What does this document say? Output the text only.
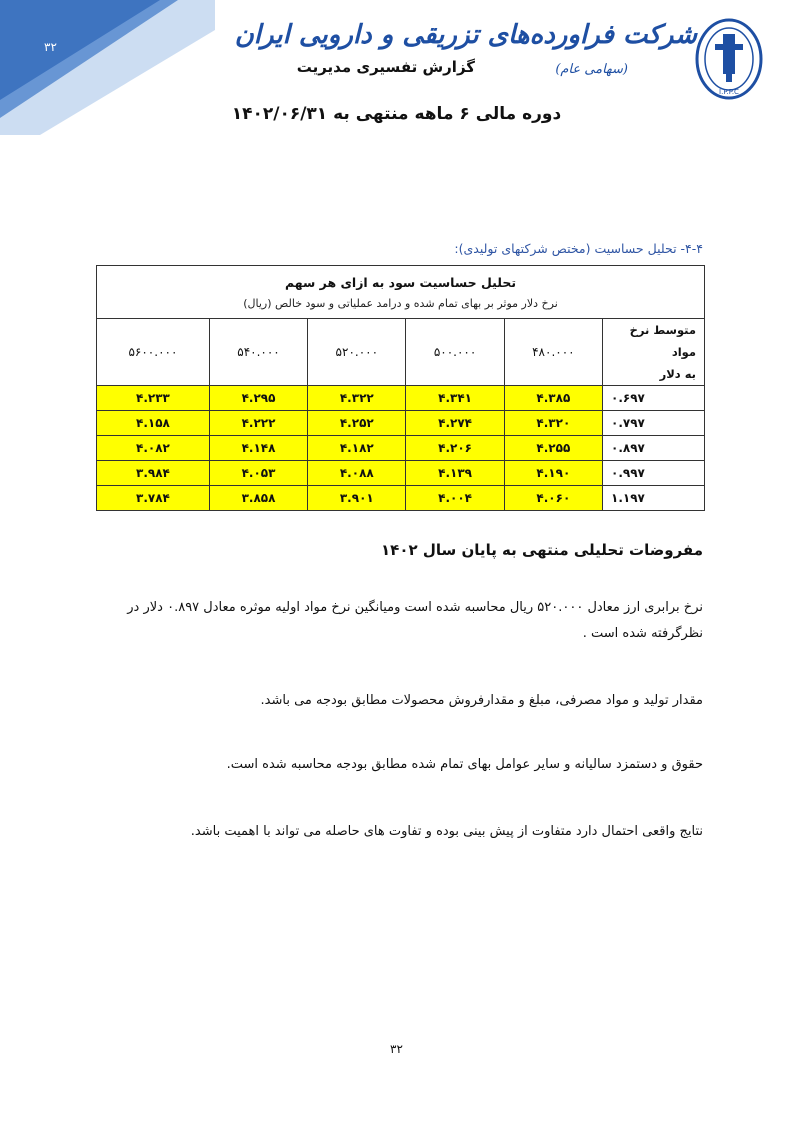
۳۲
I.P.P.C
شرکت فراورده‌های تزریقی و دارویی ایران
(سهامی عام)
گزارش تفسیری مدیریت
دوره مالی ۶ ماهه منتهی به ۱۴۰۲/۰۶/۳۱
۴-۴- تحلیل حساسیت (مختص شرکتهای تولیدی):
تحلیل حساسیت سود به ازای هر سهم
نرخ دلار موثر بر بهای تمام شده و درامد عملیاتی و سود خالص (ریال)					

متوسط نرخ مواد
به دلار	۴۸۰.۰۰۰	۵۰۰.۰۰۰	۵۲۰.۰۰۰	۵۴۰.۰۰۰	۵۶۰۰.۰۰۰
۰.۶۹۷	۴.۳۸۵	۴.۳۴۱	۴.۳۲۲	۴.۲۹۵	۴.۲۳۳
۰.۷۹۷	۴.۳۲۰	۴.۲۷۴	۴.۲۵۲	۴.۲۲۲	۴.۱۵۸
۰.۸۹۷	۴.۲۵۵	۴.۲۰۶	۴.۱۸۲	۴.۱۴۸	۴.۰۸۲
۰.۹۹۷	۴.۱۹۰	۴.۱۳۹	۴.۰۸۸	۴.۰۵۳	۳.۹۸۴
۱.۱۹۷	۴.۰۶۰	۴.۰۰۴	۳.۹۰۱	۳.۸۵۸	۳.۷۸۴
مفروضات تحلیلی منتهی به پایان سال ۱۴۰۲
نرخ برابری ارز معادل ۵۲۰.۰۰۰ ریال محاسبه شده است ومیانگین نرخ مواد اولیه موثره معادل ۰.۸۹۷ دلار در نظرگرفته شده است .
مقدار تولید و مواد مصرفی، مبلغ و مقدارفروش محصولات مطابق بودجه می باشد.
حقوق و دستمزد سالیانه و سایر عوامل بهای تمام شده مطابق بودجه محاسبه شده است.
نتایج واقعی احتمال دارد متفاوت از پیش بینی بوده و تفاوت های حاصله می تواند با اهمیت باشد.
۳۲
